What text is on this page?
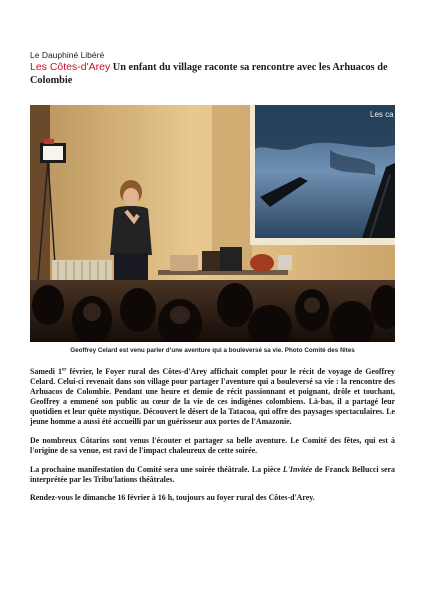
Le Dauphiné Libéré
Les Côtes-d'Arey Un enfant du village raconte sa rencontre avec les Arhuacos de Colombie
Les ca
Geoffrey Celard est venu parler d’une aventure qui a bouleversé sa vie. Photo Comité des fêtes

Samedi 1er février, le Foyer rural des Côtes-d'Arey affichait complet pour le récit de voyage de Geoffrey Celard. Celui-ci revenait dans son village pour partager l'aventure qui a bouleversé sa vie : la rencontre des Arhuacos de Colombie. Pendant une heure et demie de récit passionnant et poignant, drôle et touchant, Geoffrey a emmené son public au cœur de la vie de ces indigènes colombiens. Là-bas, il a partagé leur quotidien et leur quête mystique. Découvert le désert de la Tatacoa, qui offre des paysages spectaculaires. Le jeune homme a aussi été accueilli par un guérisseur aux portes de l'Amazonie.

De nombreux Côtarins sont venus l'écouter et partager sa belle aventure. Le Comité des fêtes, qui est à l'origine de sa venue, est ravi de l'impact chaleureux de cette soirée.

La prochaine manifestation du Comité sera une soirée théâtrale. La pièce L'Invitée de Franck Bellucci sera interprétée par les Tribu'lations théâtrales.

Rendez-vous le dimanche 16 février à 16 h, toujours au foyer rural des Côtes-d'Arey.
